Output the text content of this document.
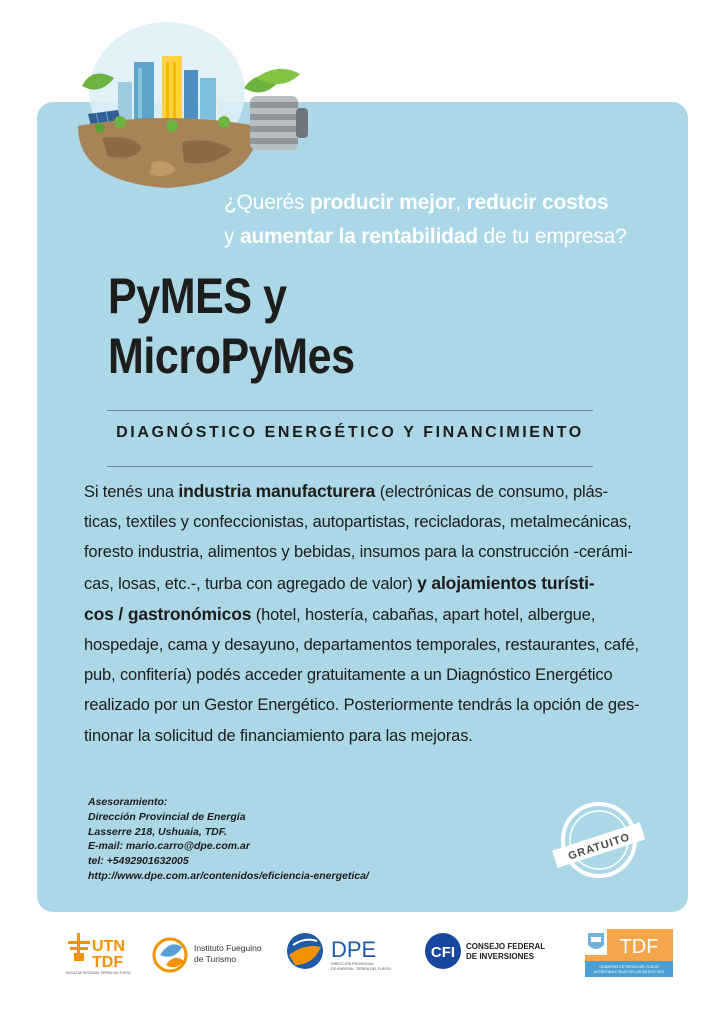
¿Querés producir mejor, reducir costos
y aumentar la rentabilidad de tu empresa?
PyMES y
MicroPyMes
DIAGNÓSTICO ENERGÉTICO Y FINANCIMIENTO
Si tenés una industria manufacturera (electrónicas de consumo, plás-
ticas, textiles y confeccionistas, autopartistas, recicladoras, metalmecánicas,
foresto industria, alimentos y bebidas, insumos para la construcción -cerámi-
cas, losas, etc.-, turba con agregado de valor) y alojamientos turísti-
cos / gastronómicos (hotel, hostería, cabañas, apart hotel, albergue,
hospedaje, cama y desayuno, departamentos temporales, restaurantes, café,
pub, confitería) podés acceder gratuitamente a un Diagnóstico Energético
realizado por un Gestor Energético. Posteriormente tendrás la opción de ges-
tinonar la solicitud de financiamiento para las mejoras.
Asesoramiento:
Dirección Provincial de Energía
Lasserre 218, Ushuaia, TDF.
E-mail: mario.carro@dpe.com.ar
tel: +5492901632005
http://www.dpe.com.ar/contenidos/eficiencia-energetica/
GRATUITO
UTN
TDF
FACULTAD REGIONAL TIERRA DEL FUEGO
Instituto Fueguino
de Turismo	DPE
DIRECCIÓN PROVINCIAL
DE ENERGÍA - TIERRA DEL FUEGO
CFI CONSEJO FEDERAL
DE INVERSIONES	TDF
GOBIERNO DE TIERRA DEL FUEGO
ANTÁRTIDA E ISLAS DEL ATLÁNTICO SUR
